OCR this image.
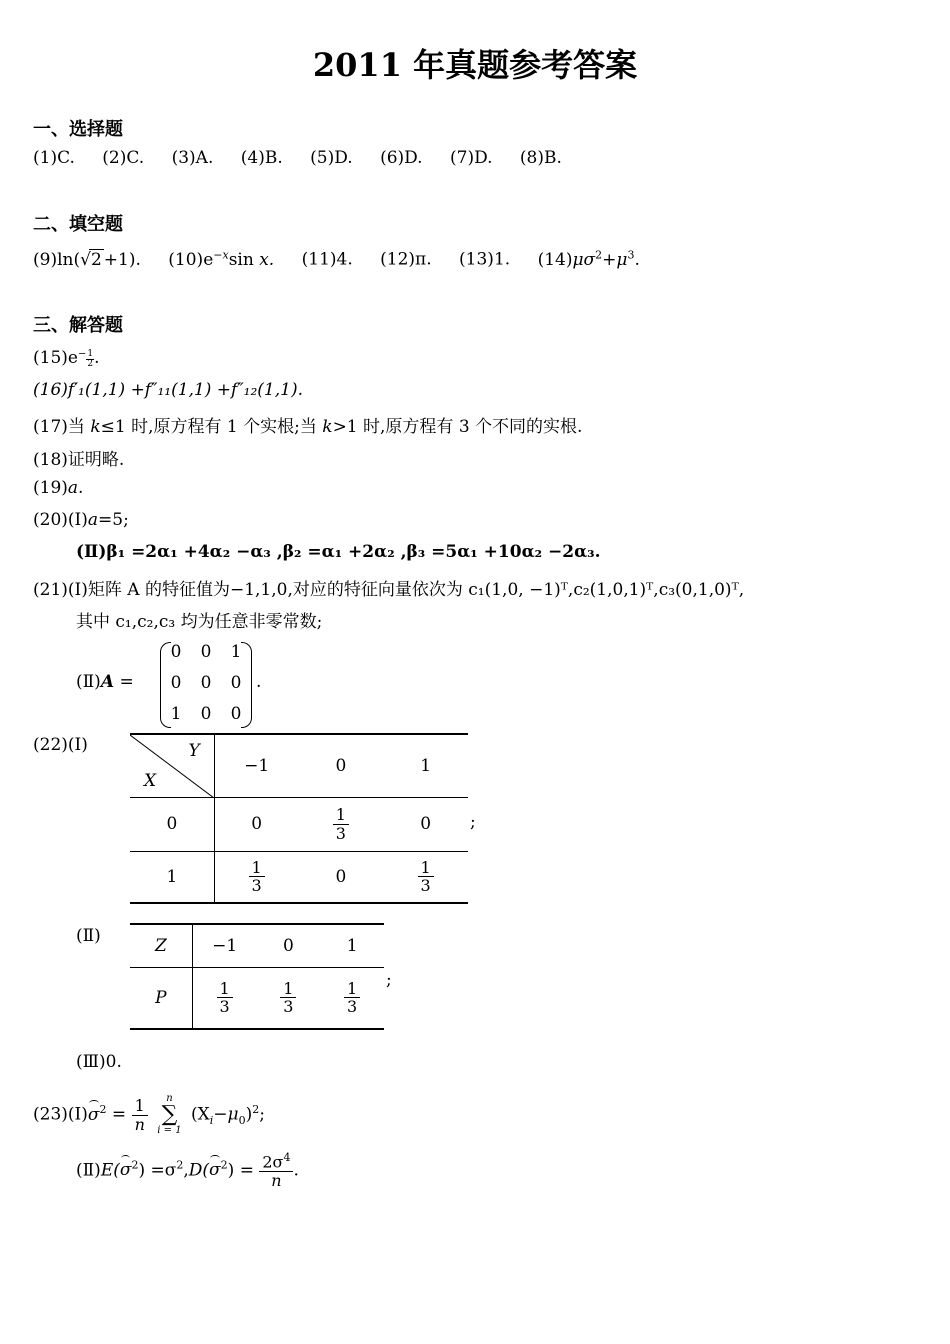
2011 年真题参考答案
一、选择题
(1)C. (2)C. (3)A. (4)B. (5)D. (6)D. (7)D. (8)B.
二、填空题
(9)ln(√2 +1). $(10)e^{-x}\sin$ x. (11)4. (12)π. (13)1. $(14)\mu\sigma^2+\mu^3$.
三、解答题
$(15)e^- \frac{1}{2}$ .
(16)f′₁(1,1) +f″₁₁(1,1) +f″₁₂(1,1).
(17)当 k≤1 时,原方程有 1 个实根;当 k>1 时,原方程有 3 个不同的实根.
(18)证明略.
(19)a.
(20)(Ⅰ)a=5;
(Ⅱ)β₁ =2α₁ +4α₂ −α₃ ,β₂ =α₁ +2α₂ ,β₃ =5α₁ +10α₂ −2α₃.
(21)(Ⅰ)矩阵 A 的特征值为−1,1,0,对应的特征向量依次为 c₁(1,0, −1)ᵀ,c₂(1,0,1)ᵀ,c₃(0,1,0)ᵀ,
其中 c₁,c₂,c₃ 均为任意非零常数;
(Ⅱ)A =
0 0 1
0 0 0
1 0 0
.
(22)(Ⅰ)	Y
X	−1	0	1
0	0	$\frac{1}{3}$	0
1	$\frac{1}{3}$	0	$\frac{1}{3}$
;
(Ⅱ)	Z	−1	0	1
P	$\frac{1}{3}$	$\frac{1}{3}$	$\frac{1}{3}$ ;
(Ⅲ)0.
$(23)(Ⅰ)\sigma^2 = \frac{1}{n}$
n
∑
i = 1
$(X_i-\mu_0)^2$;
$(Ⅱ)E(\sigma^2) =\sigma^2,D(\sigma^2) = \frac{2\sigma^4}{n}$ .
